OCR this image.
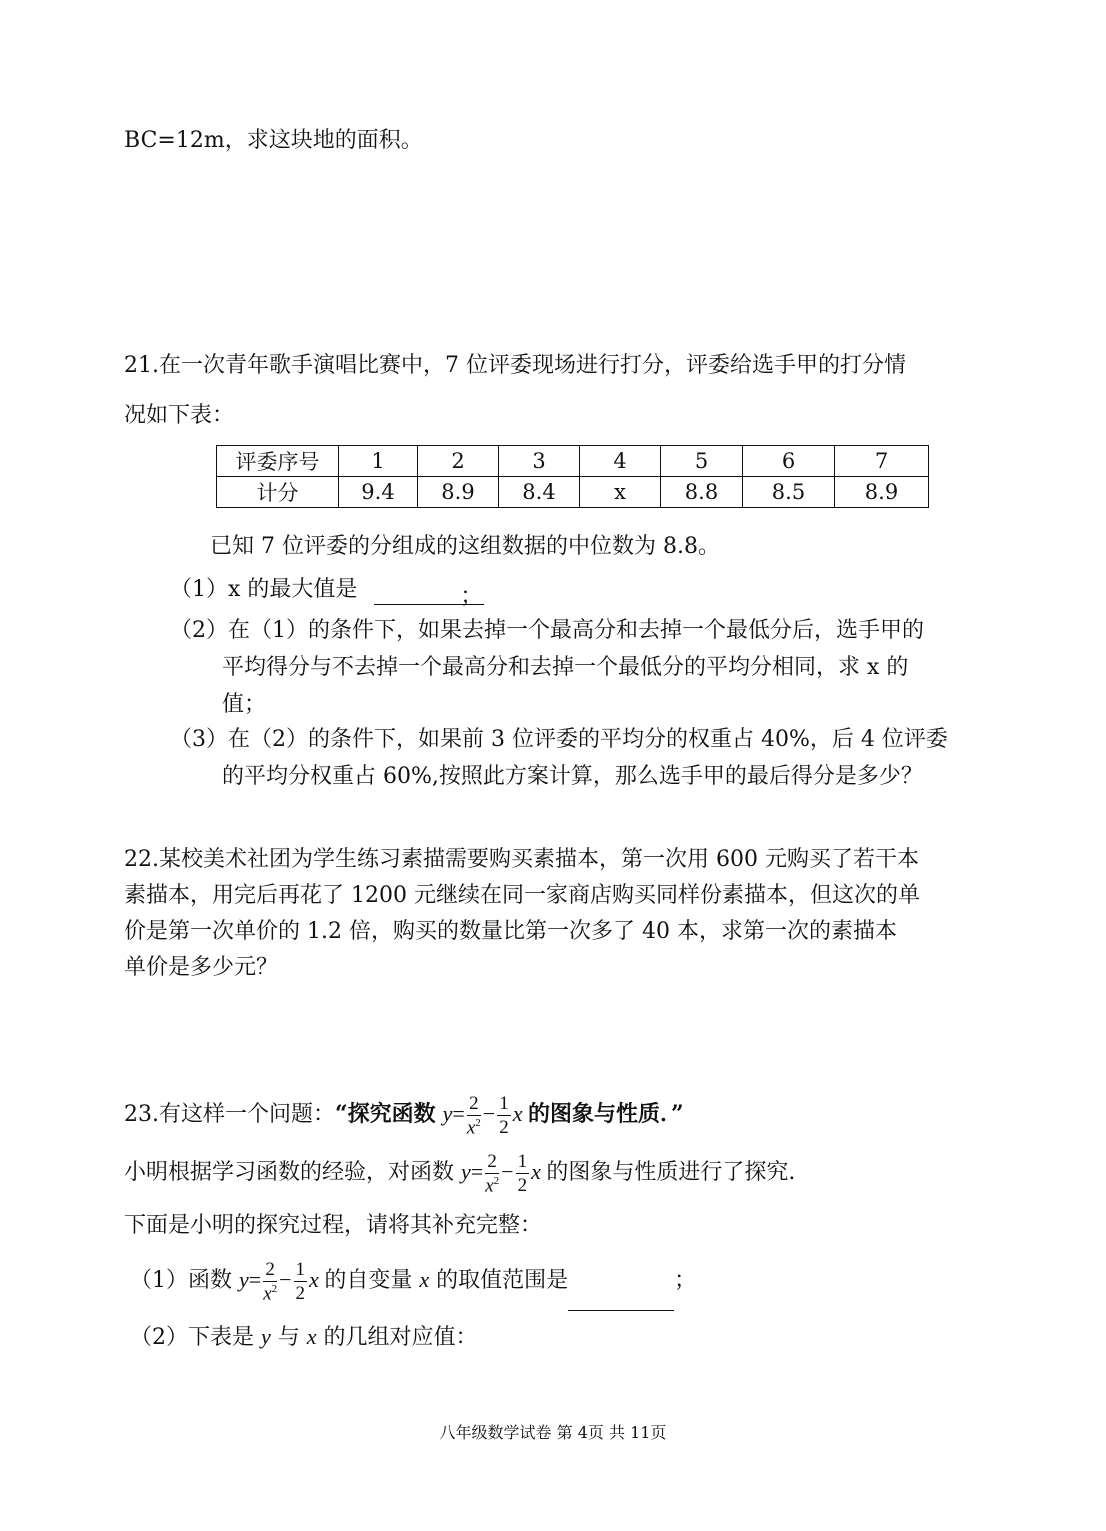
BC=12m，求这块地的面积。
21.在一次青年歌手演唱比赛中，7 位评委现场进行打分，评委给选手甲的打分情
况如下表：
评委序号	1	2	3	4	5	6	7
计分	9.4	8.9	8.4	x	8.8	8.5	8.9
已知 7 位评委的分组成的这组数据的中位数为 8.8。
（1）x 的最大值是	；
（2）在（1）的条件下，如果去掉一个最高分和去掉一个最低分后，选手甲的
平均得分与不去掉一个最高分和去掉一个最低分的平均分相同，求 x 的
值；
（3）在（2）的条件下，如果前 3 位评委的平均分的权重占 40%，后 4 位评委
的平均分权重占 60%,按照此方案计算，那么选手甲的最后得分是多少？
22.某校美术社团为学生练习素描需要购买素描本，第一次用 600 元购买了若干本
素描本，用完后再花了 1200 元继续在同一家商店购买同样份素描本，但这次的单
价是第一次单价的 1.2 倍，购买的数量比第一次多了 40 本，求第一次的素描本
单价是多少元？
23.有这样一个问题：“探究函数 $y= \frac{2}{x^2} - \frac{1}{2}$ x 的图象与性质．”
小明根据学习函数的经验，对函数 $y= \frac{2}{x^2} - \frac{1}{2}$ x 的图象与性质进行了探究.
下面是小明的探究过程，请将其补充完整：
（1）函数 $y= \frac{2}{x^2} - \frac{1}{2}$ x 的自变量 x 的取值范围是	；
（2）下表是 y 与 x 的几组对应值：
八年级数学试卷 第 4页 共 11页
